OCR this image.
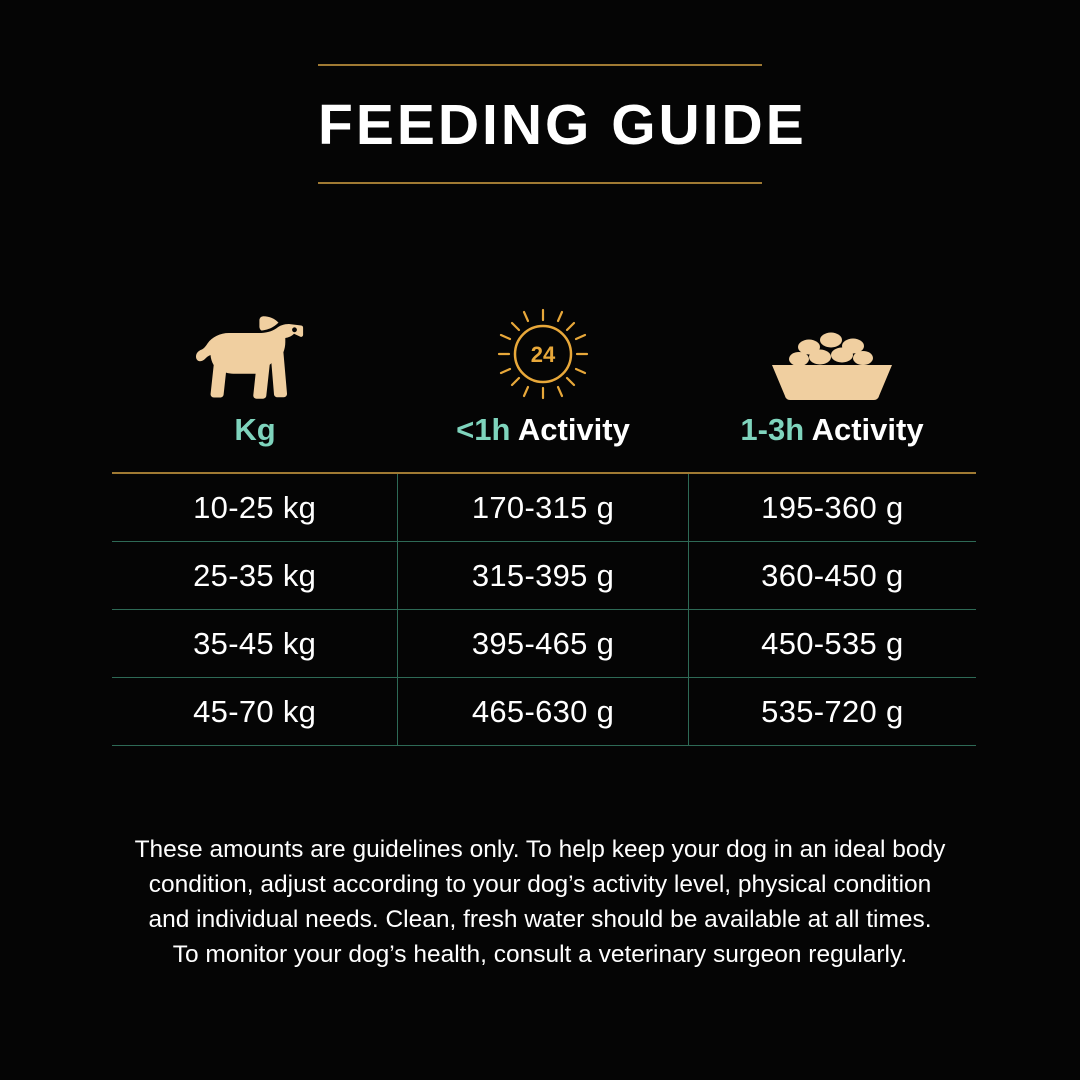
FEEDING GUIDE
24
Kg	<1h Activity	1-3h Activity
10-25 kg	170-315 g	195-360 g
25-35 kg	315-395 g	360-450 g
35-45 kg	395-465 g	450-535 g
45-70 kg	465-630 g	535-720 g

These amounts are guidelines only. To help keep your dog in an ideal body

condition, adjust according to your dog’s activity level, physical condition

and individual needs. Clean, fresh water should be available at all times.

To monitor your dog’s health, consult a veterinary surgeon regularly.
